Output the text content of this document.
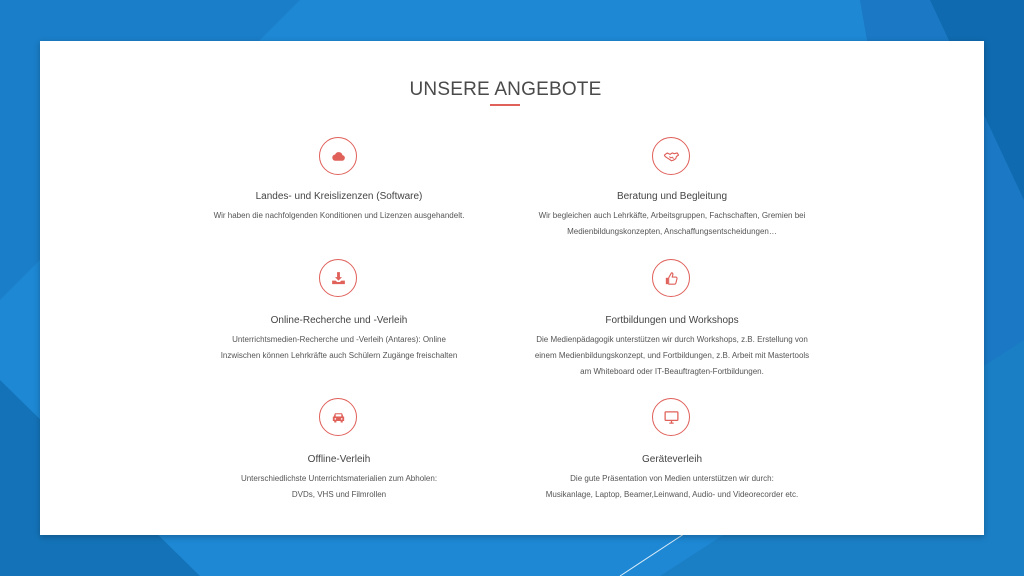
UNSERE ANGEBOTE
Landes- und Kreislizenzen (Software)
Wir haben die nachfolgenden Konditionen und Lizenzen ausgehandelt.
Beratung und Begleitung
Wir begleichen auch Lehrkäfte, Arbeitsgruppen, Fachschaften, Gremien bei
Medienbildungskonzepten, Anschaffungsentscheidungen…
Online-Recherche und -Verleih
Unterrichtsmedien-Recherche und -Verleih (Antares): Online
Inzwischen können Lehrkräfte auch Schülern Zugänge freischalten
Fortbildungen und Workshops
Die Medienpädagogik unterstützen wir durch Workshops, z.B. Erstellung von
einem Medienbildungskonzept, und Fortbildungen, z.B. Arbeit mit Mastertools
am Whiteboard oder IT-Beauftragten-Fortbildungen.
Offline-Verleih
Unterschiedlichste Unterrichtsmaterialien zum Abholen:
DVDs, VHS und Filmrollen
Geräteverleih
Die gute Präsentation von Medien unterstützen wir durch:
Musikanlage, Laptop, Beamer,Leinwand, Audio- und Videorecorder etc.
